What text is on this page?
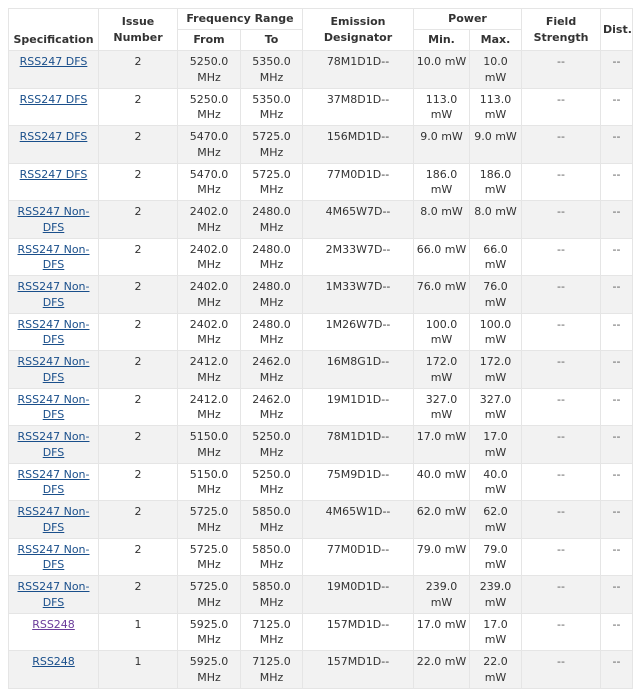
Specification	Issue Number	Frequency Range		Emission Designator	Power		Field Strength	Dist.
		From	To		Min.	Max.		
RSS247 DFS	2	5250.0 MHz	5350.0 MHz	78M1D1D--	10.0 mW	10.0 mW	--	--
RSS247 DFS	2	5250.0 MHz	5350.0 MHz	37M8D1D--	113.0 mW	113.0 mW	--	--
RSS247 DFS	2	5470.0 MHz	5725.0 MHz	156MD1D--	9.0 mW	9.0 mW	--	--
RSS247 DFS	2	5470.0 MHz	5725.0 MHz	77M0D1D--	186.0 mW	186.0 mW	--	--
RSS247 Non-DFS	2	2402.0 MHz	2480.0 MHz	4M65W7D--	8.0 mW	8.0 mW	--	--
RSS247 Non-DFS	2	2402.0 MHz	2480.0 MHz	2M33W7D--	66.0 mW	66.0 mW	--	--
RSS247 Non-DFS	2	2402.0 MHz	2480.0 MHz	1M33W7D--	76.0 mW	76.0 mW	--	--
RSS247 Non-DFS	2	2402.0 MHz	2480.0 MHz	1M26W7D--	100.0 mW	100.0 mW	--	--
RSS247 Non-DFS	2	2412.0 MHz	2462.0 MHz	16M8G1D--	172.0 mW	172.0 mW	--	--
RSS247 Non-DFS	2	2412.0 MHz	2462.0 MHz	19M1D1D--	327.0 mW	327.0 mW	--	--
RSS247 Non-DFS	2	5150.0 MHz	5250.0 MHz	78M1D1D--	17.0 mW	17.0 mW	--	--
RSS247 Non-DFS	2	5150.0 MHz	5250.0 MHz	75M9D1D--	40.0 mW	40.0 mW	--	--
RSS247 Non-DFS	2	5725.0 MHz	5850.0 MHz	4M65W1D--	62.0 mW	62.0 mW	--	--
RSS247 Non-DFS	2	5725.0 MHz	5850.0 MHz	77M0D1D--	79.0 mW	79.0 mW	--	--
RSS247 Non-DFS	2	5725.0 MHz	5850.0 MHz	19M0D1D--	239.0 mW	239.0 mW	--	--
RSS248	1	5925.0 MHz	7125.0 MHz	157MD1D--	17.0 mW	17.0 mW	--	--
RSS248	1	5925.0 MHz	7125.0 MHz	157MD1D--	22.0 mW	22.0 mW	--	--
